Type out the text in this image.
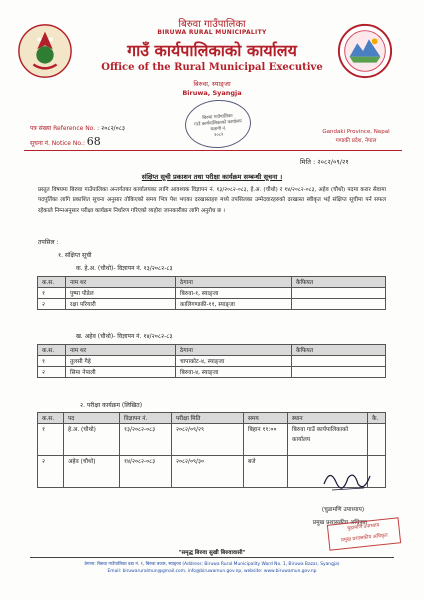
बिरुवा गाउँपालिका
BIRUWA RURAL MUNICIPALITY
गाउँ कार्यपालिकाको कार्यालय
Office of the Rural Municipal Executive
बिरुवा, स्याङ्जा
Biruwa, Syangja
पत्र संख्या Reference No. : २०८२/०८३
सूचना नं. Notice No.: 68
बिरुवा गाउँपालिका
गाउँ कार्यपालिकाको कार्यालय
चलानी नं.
२०८२
Gandaki Province, Nepal
गण्डकी प्रदेश, नेपाल
मिति : २०८२/०९/२१
संक्षिप्त सूची प्रकाशन तथा परीक्षा कार्यक्रम सम्बन्धी सूचना ।
प्रस्तुत विषयमा बिरुवा गाउँपालिका अन्तर्गतका कार्यालयका लागि आवश्यक विज्ञापन नं. १३/२०८२-०८३, हे.अ. (चौथो) र १४/२०८२-०८३, अहेव (चौथो) पदमा करार सेवामा पदपूर्तिका लागि प्रकाशित सूचना अनुसार तोकिएको समय भित्र पेश भएका दरखास्तहरु मध्ये तपसिलका उम्मेदवारहरुको दरखास्त स्वीकृत भई संक्षिप्त सूचीमा पर्न सफल रहेकाले निम्नअनुसार परीक्षा कार्यक्रम निर्धारण गरिएको व्यहोरा जानकारीका लागि अनुरोध छ ।
तपसिल :
१. संक्षिप्त सूची
क. हे.अ. (चौथो)- विज्ञापन नं. १३/२०८२-८३
क.स.	नाम थर	ठेगाना	कैफियत
१	पुष्पा पौडेल	बिरुवा-१, स्याङ्जा	
२	रक्षा परियारी	कालिगण्डकी-११, स्याङ्जा	
ख. अहेव (चौथो)- विज्ञापन नं. १४/२०८२-८३
क.स.	नाम थर	ठेगाना	कैफियत
१	तुलसी गैहे	चापाकोट-४, स्याङ्जा	
२	सिमा नेपाली	बिरुवा-४, स्याङ्जा	
२. परीक्षा कार्यक्रम (लिखित)
क.स.	पद	विज्ञापन नं.	परीक्षा मिति	समय	स्थान	कै.
१	हे.अ. (चौथो)	१३/२०८२-०८३	२०८२/०९/२९	बिहान ११:००	बिरुवा गाउँ कार्यपालिकाको कार्यालय	
२	अहेव (चौथो)	१४/२०८२-०८३	२०८२/०९/३०	बजे		
(चुडामणि उपाध्याय)
प्रमुख प्रशासकीय अधिकृत
चुडामणि उपाध्याय
प्रमुख प्रशासकीय अधिकृत
"समृद्ध बिरुवा सुखी बिरुवावासी"
ठेगाना: बिरुवा गाउँपालिका वडा नं. १, बिरुवा बजार, स्याङ्जा (Address: Biruwa Rural Municipality Ward No. 1, Biruwa Bazar, Syangja)
Email: biruwaruralmun@gmail.com, info@biruwamun.gov.np, website: www.biruwamun.gov.np
